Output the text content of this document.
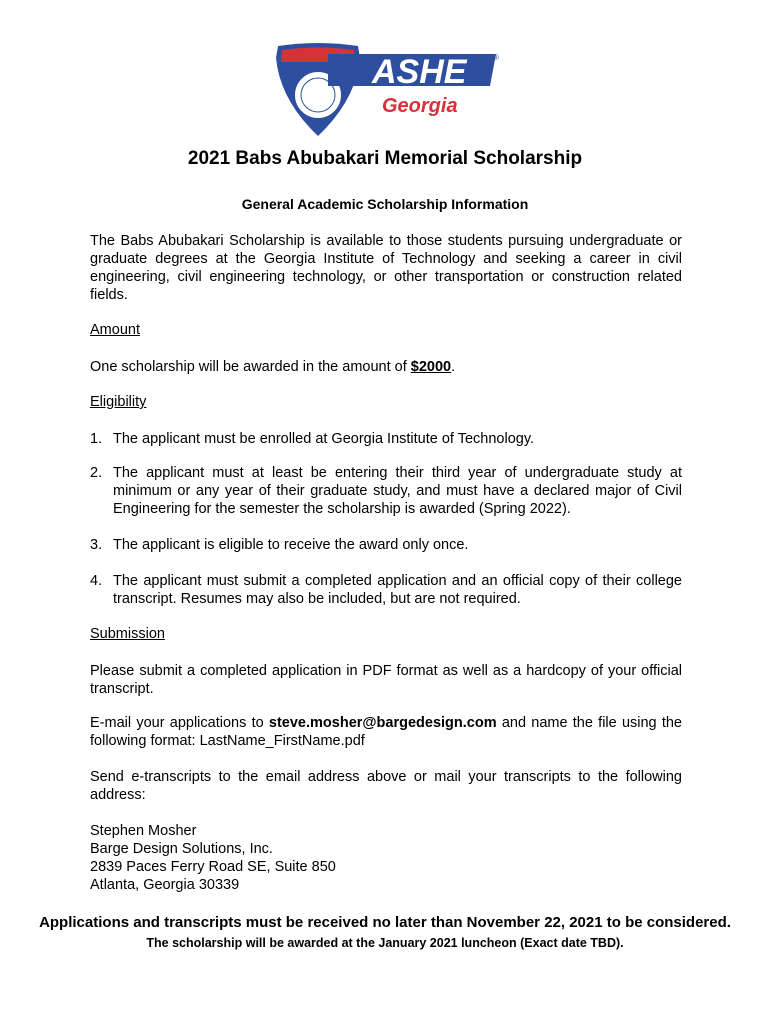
ASHE	®
Georgia
2021 Babs Abubakari Memorial Scholarship
General Academic Scholarship Information
The Babs Abubakari Scholarship is available to those students pursuing undergraduate or graduate degrees at the Georgia Institute of Technology and seeking a career in civil engineering, civil engineering technology, or other transportation or construction related fields.
Amount
One scholarship will be awarded in the amount of $2000.
Eligibility
1. The applicant must be enrolled at Georgia Institute of Technology.
2. The applicant must at least be entering their third year of undergraduate study at minimum or any year of their graduate study, and must have a declared major of Civil Engineering for the semester the scholarship is awarded (Spring 2022).
3. The applicant is eligible to receive the award only once.
4. The applicant must submit a completed application and an official copy of their college transcript. Resumes may also be included, but are not required.
Submission
Please submit a completed application in PDF format as well as a hardcopy of your official transcript.
E-mail your applications to steve.mosher@bargedesign.com and name the file using the following format: LastName_FirstName.pdf
Send e-transcripts to the email address above or mail your transcripts to the following address:
Stephen Mosher
Barge Design Solutions, Inc.
2839 Paces Ferry Road SE, Suite 850
Atlanta, Georgia 30339
Applications and transcripts must be received no later than November 22, 2021 to be considered.
The scholarship will be awarded at the January 2021 luncheon (Exact date TBD).
